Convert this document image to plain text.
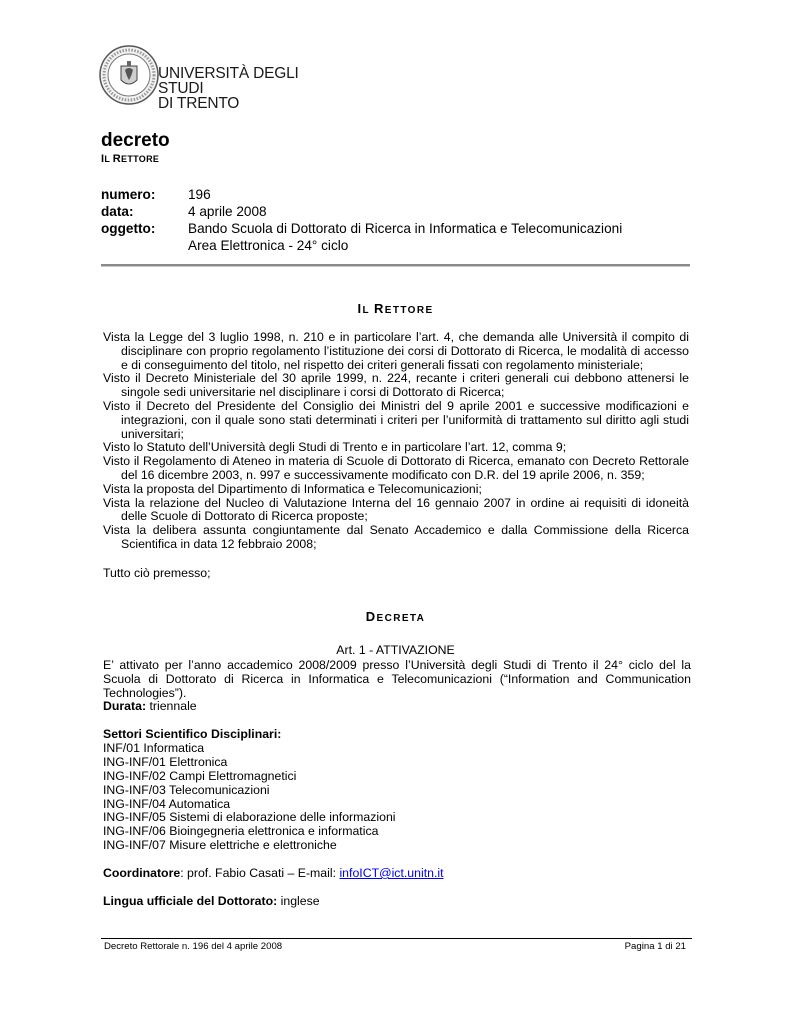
UNIVERSITÀ DEGLI STUDI
DI TRENTO
decreto
IL RETTORE
numero:	196
data:	4 aprile 2008
oggetto:	Bando Scuola di Dottorato di Ricerca in Informatica e Telecomunicazioni
Area Elettronica - 24° ciclo
IL RETTORE

Vista la Legge del 3 luglio 1998, n. 210 e in particolare l’art. 4, che demanda alle Università il compito di disciplinare con proprio regolamento l’istituzione dei corsi di Dottorato di Ricerca, le modalità di accesso e di conseguimento del titolo, nel rispetto dei criteri generali fissati con regolamento ministeriale;

Visto il Decreto Ministeriale del 30 aprile 1999, n. 224, recante i criteri generali cui debbono attenersi le singole sedi universitarie nel disciplinare i corsi di Dottorato di Ricerca;

Visto il Decreto del Presidente del Consiglio dei Ministri del 9 aprile 2001 e successive modificazioni e integrazioni, con il quale sono stati determinati i criteri per l’uniformità di trattamento sul diritto agli studi universitari;

Visto lo Statuto dell’Università degli Studi di Trento e in particolare l’art. 12, comma 9;

Visto il Regolamento di Ateneo in materia di Scuole di Dottorato di Ricerca, emanato con Decreto Rettorale del 16 dicembre 2003, n. 997 e successivamente modificato con D.R. del 19 aprile 2006, n. 359;

Vista la proposta del Dipartimento di Informatica e Telecomunicazioni;

Vista la relazione del Nucleo di Valutazione Interna del 16 gennaio 2007 in ordine ai requisiti di idoneità delle Scuole di Dottorato di Ricerca proposte;

Vista la delibera assunta congiuntamente dal Senato Accademico e dalla Commissione della Ricerca Scientifica in data 12 febbraio 2008;

Tutto ciò premesso;
DECRETA
Art. 1 - ATTIVAZIONE
E’ attivato per l’anno accademico 2008/2009 presso l’Università degli Studi di Trento il 24° ciclo del la Scuola di Dottorato di Ricerca in Informatica e Telecomunicazioni (“Information and Communication Technologies”).
Durata: triennale
Settori Scientifico Disciplinari:
INF/01 Informatica
ING-INF/01 Elettronica
ING-INF/02 Campi Elettromagnetici
ING-INF/03 Telecomunicazioni
ING-INF/04 Automatica
ING-INF/05 Sistemi di elaborazione delle informazioni
ING-INF/06 Bioingegneria elettronica e informatica
ING-INF/07 Misure elettriche e elettroniche
Coordinatore: prof. Fabio Casati – E-mail: infoICT@ict.unitn.it
Lingua ufficiale del Dottorato: inglese
Decreto Rettorale n. 196 del 4 aprile 2008	Pagina 1 di 21
